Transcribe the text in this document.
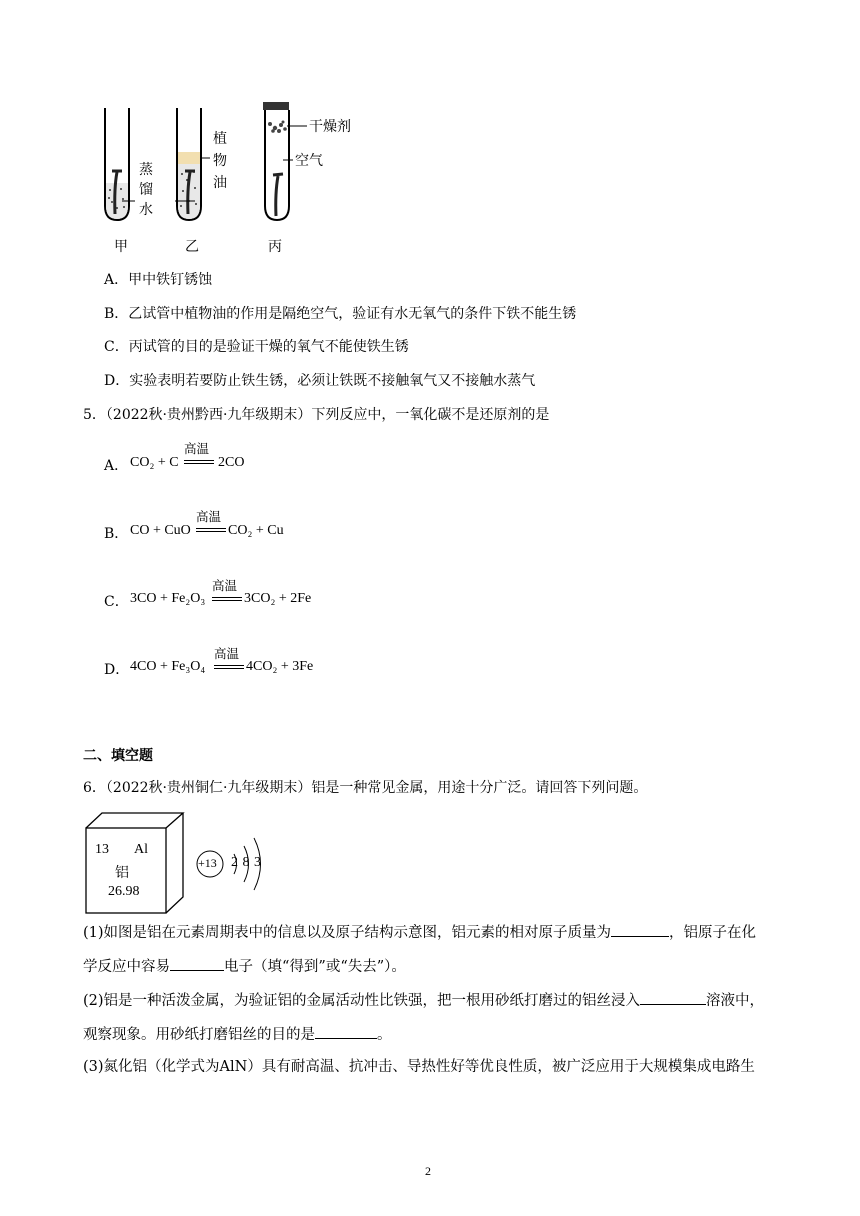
蒸馏水
植物油
干燥剂
空气
甲	乙	丙
A．甲中铁钉锈蚀
B．乙试管中植物油的作用是隔绝空气，验证有水无氧气的条件下铁不能生锈
C．丙试管的目的是验证干燥的氧气不能使铁生锈
D．实验表明若要防止铁生锈，必须让铁既不接触氧气又不接触水蒸气
5．（2022秋·贵州黔西·九年级期末）下列反应中，一氧化碳不是还原剂的是
A． CO₂ + C
高温
2CO
B． CO + CuO
高温
CO₂ + Cu
C． 3CO + Fe₂O₃
高温
3CO₂ + 2Fe
D． 4CO + Fe₃O₄
高温
4CO₂ + 3Fe
二、填空题
6．（2022秋·贵州铜仁·九年级期末）铝是一种常见金属，用途十分广泛。请回答下列问题。
13 Al
铝
26.98
+13 2 8 3
(1)如图是铝在元素周期表中的信息以及原子结构示意图，铝元素的相对原子质量为	，铝原子在化
学反应中容易	电子（填“得到”或“失去”）。
(2)铝是一种活泼金属，为验证铝的金属活动性比铁强，把一根用砂纸打磨过的铝丝浸入	溶液中，
观察现象。用砂纸打磨铝丝的目的是	。
(3)氮化铝（化学式为AlN）具有耐高温、抗冲击、导热性好等优良性质，被广泛应用于大规模集成电路生
2
